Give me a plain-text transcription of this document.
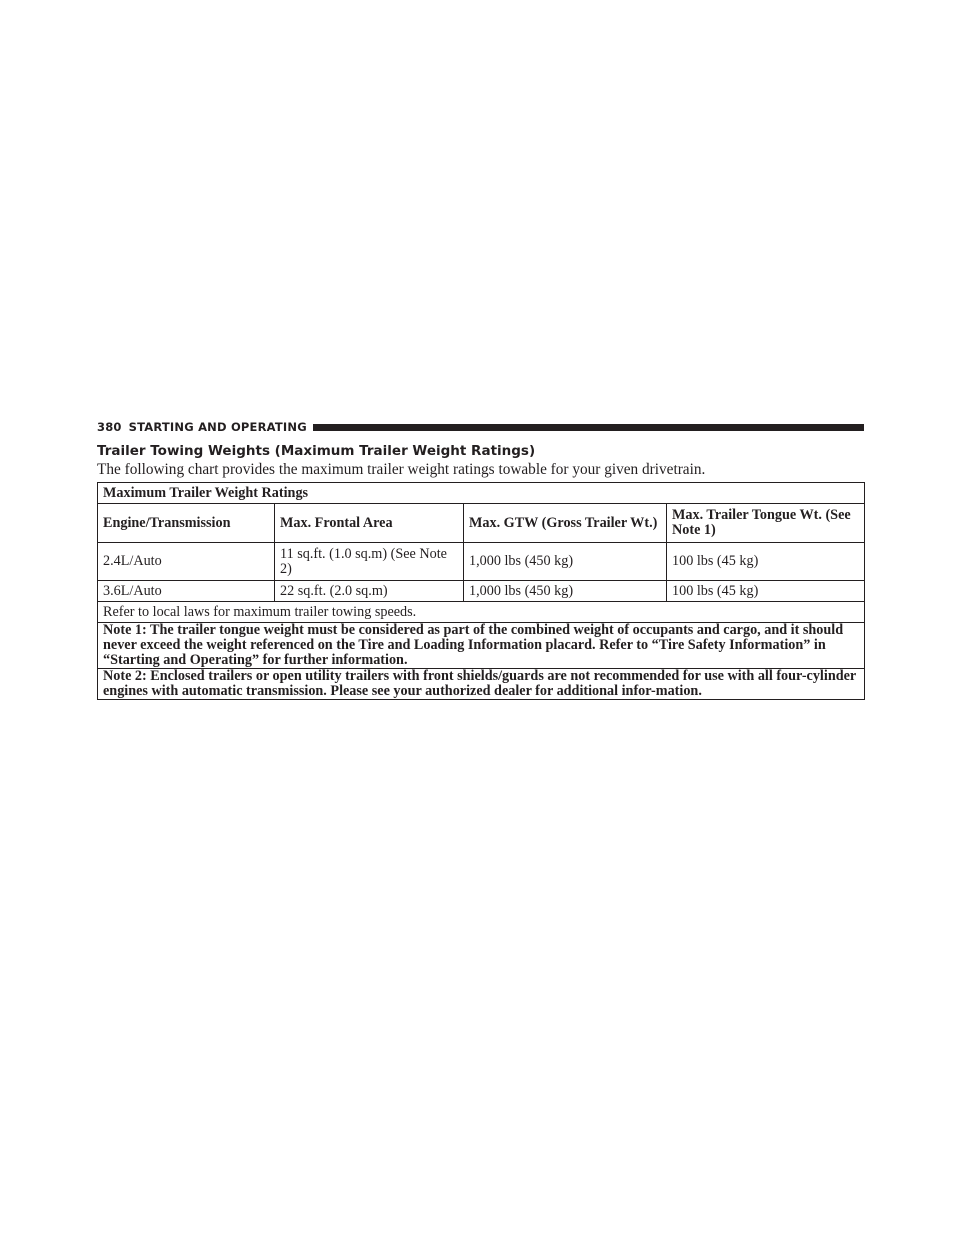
380 STARTING AND OPERATING
Trailer Towing Weights (Maximum Trailer Weight Ratings)
The following chart provides the maximum trailer weight ratings towable for your given drivetrain.
Maximum Trailer Weight Ratings			
Engine/Transmission	Max. Frontal Area	Max. GTW (Gross Trailer Wt.)	Max. Trailer Tongue Wt. (See Note 1)
2.4L/Auto	11 sq.ft. (1.0 sq.m) (See Note 2)	1,000 lbs (450 kg)	100 lbs (45 kg)
3.6L/Auto	22 sq.ft. (2.0 sq.m)	1,000 lbs (450 kg)	100 lbs (45 kg)
Refer to local laws for maximum trailer towing speeds.			
Note 1: The trailer tongue weight must be considered as part of the combined weight of occupants and cargo, and it should never exceed the weight referenced on the Tire and Loading Information placard. Refer to “Tire Safety Information” in “Starting and Operating” for further information.			
Note 2: Enclosed trailers or open utility trailers with front shields/guards are not recommended for use with all four-cylinder engines with automatic transmission. Please see your authorized dealer for additional infor-mation.			
